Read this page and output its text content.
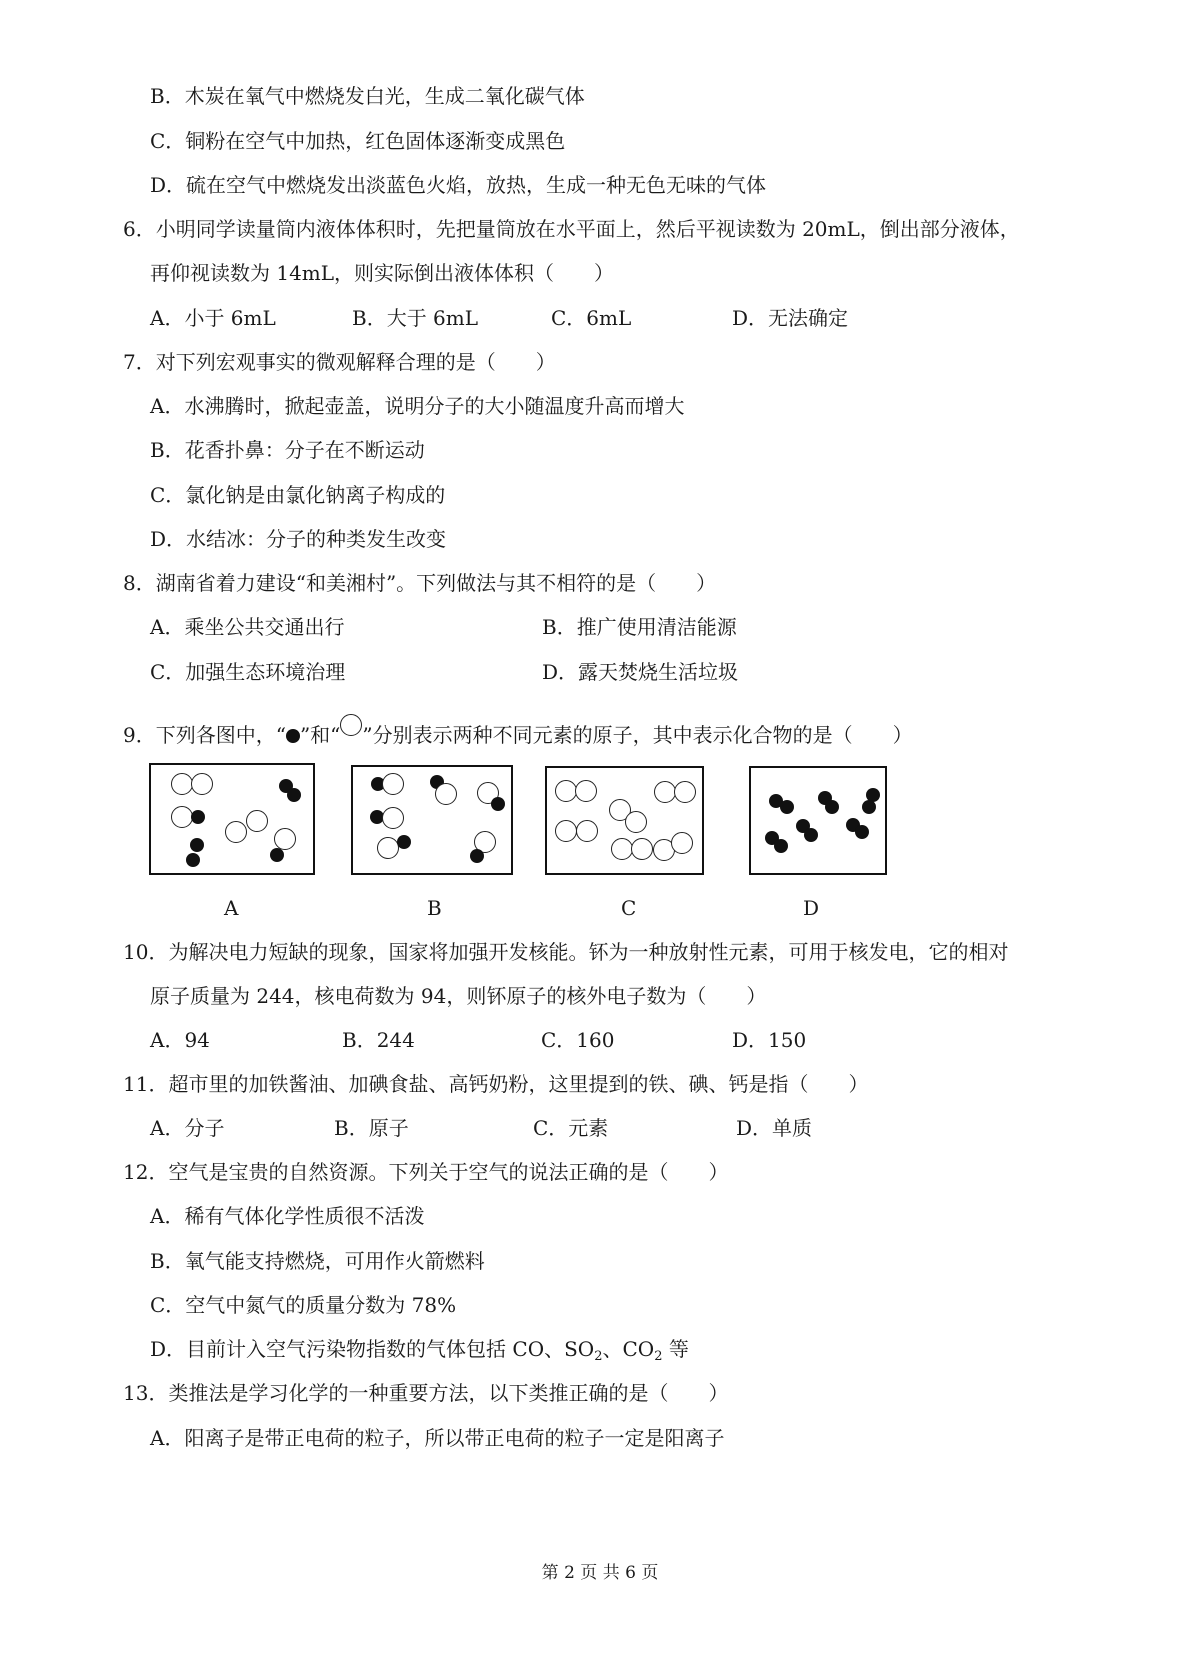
B．木炭在氧气中燃烧发白光，生成二氧化碳气体
C．铜粉在空气中加热，红色固体逐渐变成黑色
D．硫在空气中燃烧发出淡蓝色火焰，放热，生成一种无色无味的气体
6．小明同学读量筒内液体体积时，先把量筒放在水平面上，然后平视读数为 20mL，倒出部分液体，
再仰视读数为 14mL，则实际倒出液体体积（　　）
A．小于 6mL	B．大于 6mL	C．6mL	D．无法确定
7．对下列宏观事实的微观解释合理的是（　　）
A．水沸腾时，掀起壶盖，说明分子的大小随温度升高而增大
B．花香扑鼻：分子在不断运动
C．氯化钠是由氯化钠离子构成的
D．水结冰：分子的种类发生改变
8．湖南省着力建设“和美湘村”。下列做法与其不相符的是（　　）
A．乘坐公共交通出行	B．推广使用清洁能源
C．加强生态环境治理	D．露天焚烧生活垃圾
9．下列各图中，“ ”和“ ”分别表示两种不同元素的原子，其中表示化合物的是（　　）
A	B	C	D
10．为解决电力短缺的现象，国家将加强开发核能。钚为一种放射性元素，可用于核发电，它的相对
原子质量为 244，核电荷数为 94，则钚原子的核外电子数为（　　）
A．94	B．244	C．160	D．150
11．超市里的加铁酱油、加碘食盐、高钙奶粉，这里提到的铁、碘、钙是指（　　）
A．分子	B．原子	C．元素	D．单质
12．空气是宝贵的自然资源。下列关于空气的说法正确的是（　　）
A．稀有气体化学性质很不活泼
B．氧气能支持燃烧，可用作火箭燃料
C．空气中氮气的质量分数为 78%
D．目前计入空气污染物指数的气体包括 CO、$SO_2$、$CO_2$ 等
13．类推法是学习化学的一种重要方法，以下类推正确的是（　　）
A．阳离子是带正电荷的粒子，所以带正电荷的粒子一定是阳离子
第 2 页 共 6 页
